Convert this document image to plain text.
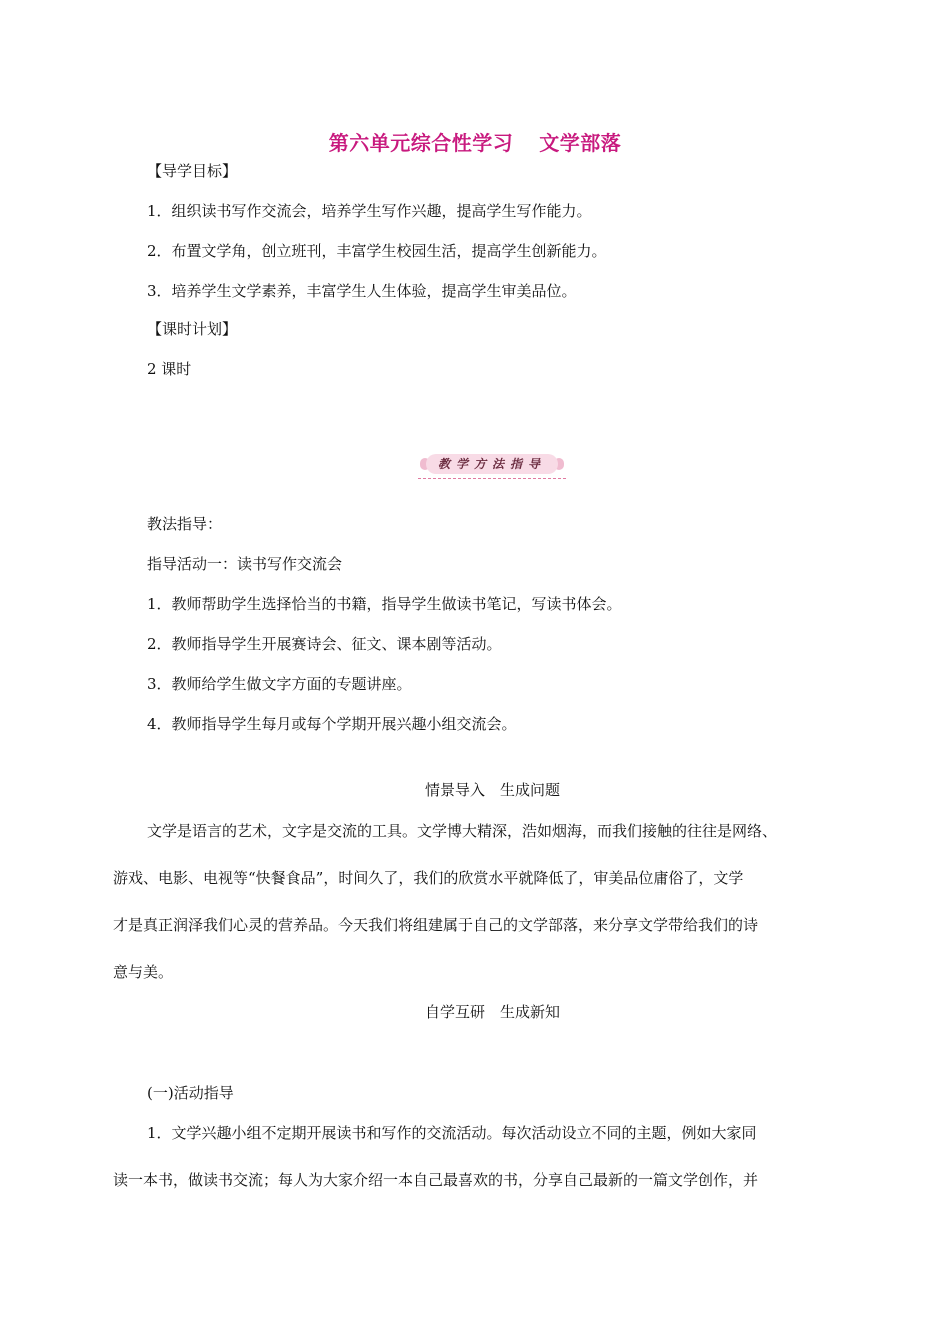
第六单元综合性学习 文学部落
【导学目标】
1．组织读书写作交流会，培养学生写作兴趣，提高学生写作能力。
2．布置文学角，创立班刊，丰富学生校园生活，提高学生创新能力。
3．培养学生文学素养，丰富学生人生体验，提高学生审美品位。
【课时计划】
2 课时
教学方法指导
教法指导：
指导活动一：读书写作交流会
1．教师帮助学生选择恰当的书籍，指导学生做读书笔记，写读书体会。
2．教师指导学生开展赛诗会、征文、课本剧等活动。
3．教师给学生做文字方面的专题讲座。
4．教师指导学生每月或每个学期开展兴趣小组交流会。
情景导入　生成问题
文学是语言的艺术，文字是交流的工具。文学博大精深，浩如烟海，而我们接触的往往是网络、
游戏、电影、电视等“快餐食品”，时间久了，我们的欣赏水平就降低了，审美品位庸俗了，文学
才是真正润泽我们心灵的营养品。今天我们将组建属于自己的文学部落，来分享文学带给我们的诗
意与美。
自学互研　生成新知
(一)活动指导
1．文学兴趣小组不定期开展读书和写作的交流活动。每次活动设立不同的主题，例如大家同
读一本书，做读书交流；每人为大家介绍一本自己最喜欢的书，分享自己最新的一篇文学创作，并
